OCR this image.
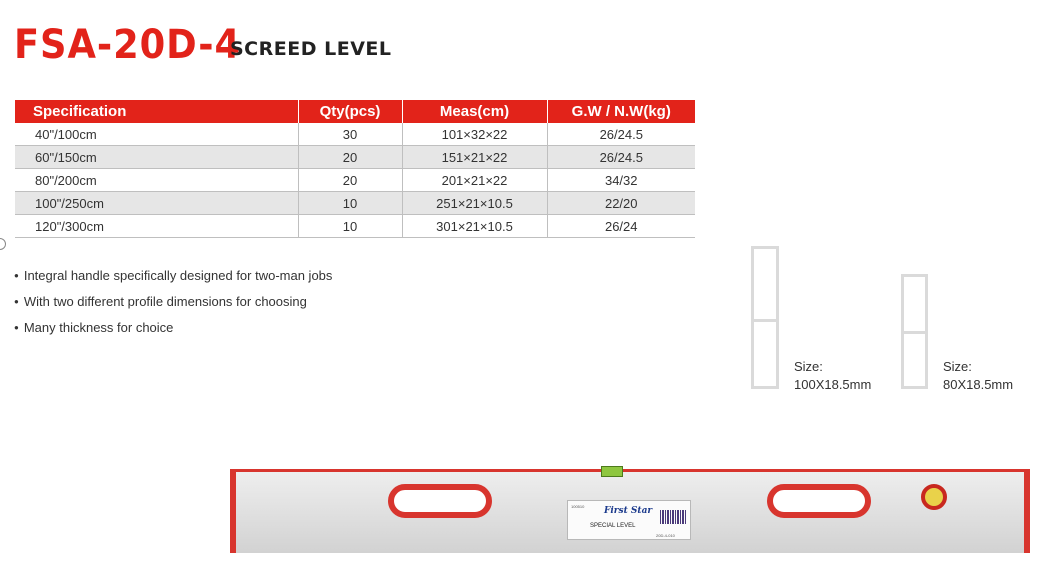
FSA-20D-4
SCREED LEVEL
Specification	Qty(pcs)	Meas(cm)	G.W / N.W(kg)
40"/100cm	30	101×32×22	26/24.5
60"/150cm	20	151×21×22	26/24.5
80"/200cm	20	201×21×22	34/32
100"/250cm	10	251×21×10.5	22/20
120"/300cm	10	301×21×10.5	26/24
● Integral handle specifically designed for two-man jobs
● With two different profile dimensions for choosing
● Many thickness for choice
Size:
100X18.5mm
Size:
80X18.5mm
100510 First Star
SPECIAL LEVEL
20D-4-010
